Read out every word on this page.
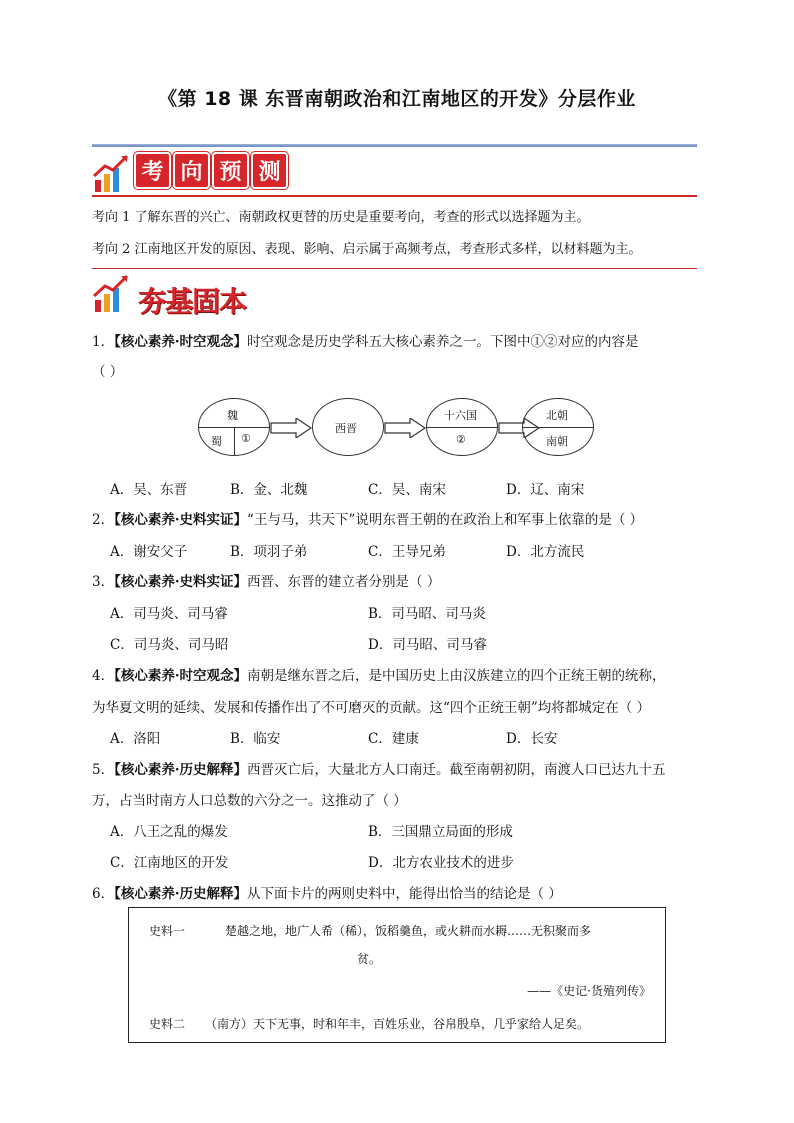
《第 18 课 东晋南朝政治和江南地区的开发》分层作业
考 向 预 测
考向 1 了解东晋的兴亡、南朝政权更替的历史是重要考向，考查的形式以选择题为主。
考向 2 江南地区开发的原因、表现、影响、启示属于高频考点，考查形式多样，以材料题为主。
夯基固本
1．【核心素养·时空观念】时空观念是历史学科五大核心素养之一。下图中①②对应的内容是
（ ）
魏
蜀 ①
西晋
十六国
②
北朝
南朝
A．吴、东晋	B．金、北魏	C．吴、南宋	D．辽、南宋
2．【核心素养·史料实证】“王与马，共天下”说明东晋王朝的在政治上和军事上依靠的是（ ）
A．谢安父子	B．项羽子弟	C．王导兄弟	D．北方流民
3．【核心素养·史料实证】西晋、东晋的建立者分别是（ ）
A．司马炎、司马睿	B．司马昭、司马炎
C．司马炎、司马昭	D．司马昭、司马睿
4．【核心素养·时空观念】南朝是继东晋之后，是中国历史上由汉族建立的四个正统王朝的统称，
为华夏文明的延续、发展和传播作出了不可磨灭的贡献。这“四个正统王朝”均将都城定在（ ）
A．洛阳	B．临安	C．建康	D．长安
5．【核心素养·历史解释】西晋灭亡后，大量北方人口南迁。截至南朝初阴，南渡人口已达九十五
万，占当时南方人口总数的六分之一。这推动了（ ）
A．八王之乱的爆发	B．三国鼎立局面的形成
C．江南地区的开发	D．北方农业技术的进步
6．【核心素养·历史解释】从下面卡片的两则史料中，能得出恰当的结论是（ ）
史料一	楚越之地，地广人希（稀），饭稻羹鱼，或火耕而水耨……无积聚而多
贫。
——《史记·货殖列传》
史料二 （南方）天下无事，时和年丰，百姓乐业，谷帛殷阜，几乎家给人足矣。
